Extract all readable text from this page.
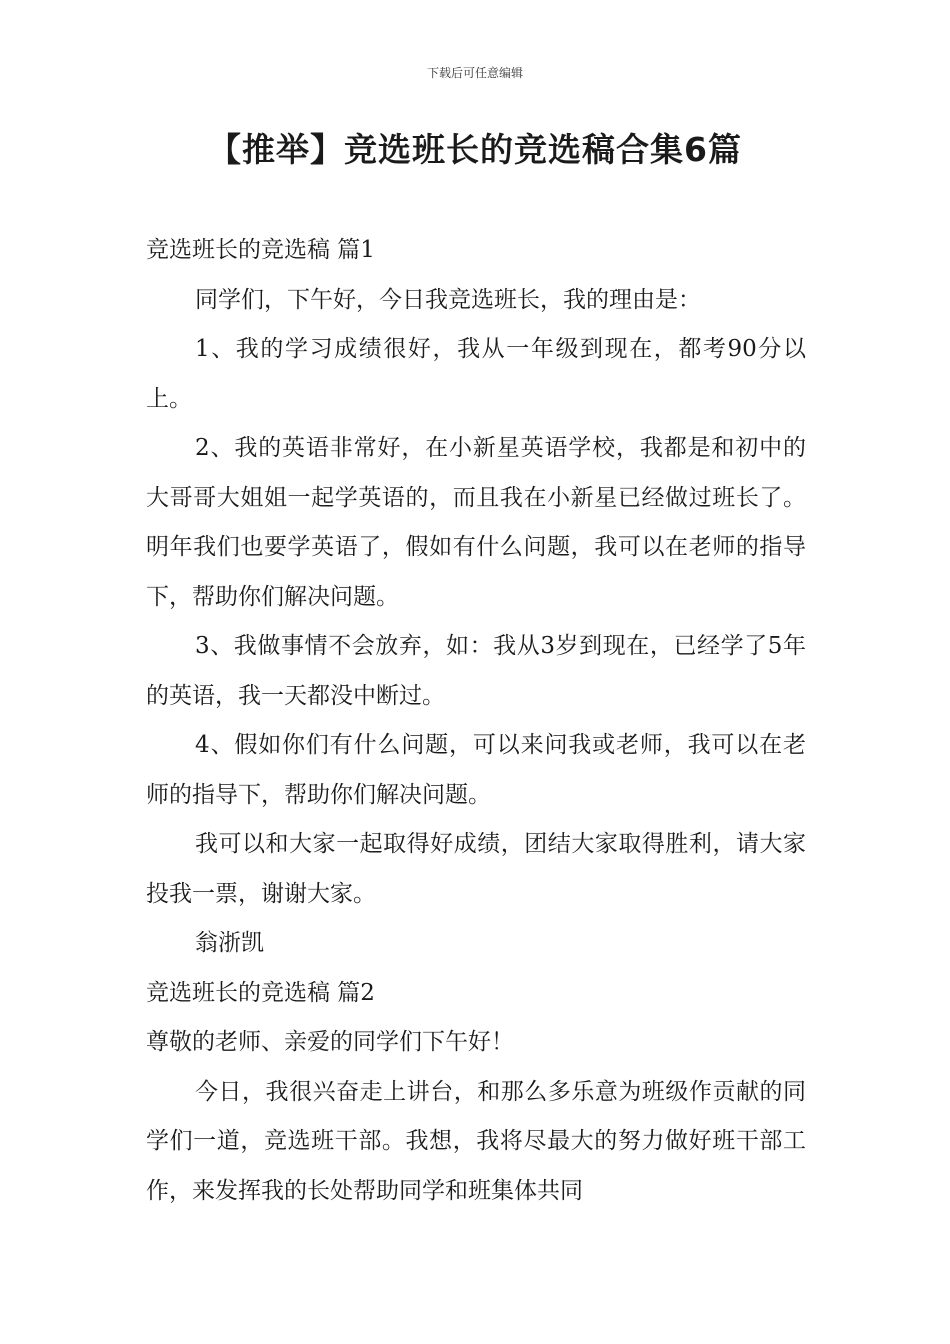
下载后可任意编辑
【推举】竞选班长的竞选稿合集6篇

竞选班长的竞选稿 篇1

同学们，下午好，今日我竞选班长，我的理由是：

1、我的学习成绩很好，我从一年级到现在，都考90分以上。

2、我的英语非常好，在小新星英语学校，我都是和初中的大哥哥大姐姐一起学英语的，而且我在小新星已经做过班长了。明年我们也要学英语了，假如有什么问题，我可以在老师的指导下，帮助你们解决问题。

3、我做事情不会放弃，如：我从3岁到现在，已经学了5年的英语，我一天都没中断过。

4、假如你们有什么问题，可以来问我或老师，我可以在老师的指导下，帮助你们解决问题。

我可以和大家一起取得好成绩，团结大家取得胜利，请大家投我一票，谢谢大家。

翁浙凯

竞选班长的竞选稿 篇2

尊敬的老师、亲爱的同学们下午好！

今日，我很兴奋走上讲台，和那么多乐意为班级作贡献的同学们一道，竞选班干部。我想，我将尽最大的努力做好班干部工作，来发挥我的长处帮助同学和班集体共同
